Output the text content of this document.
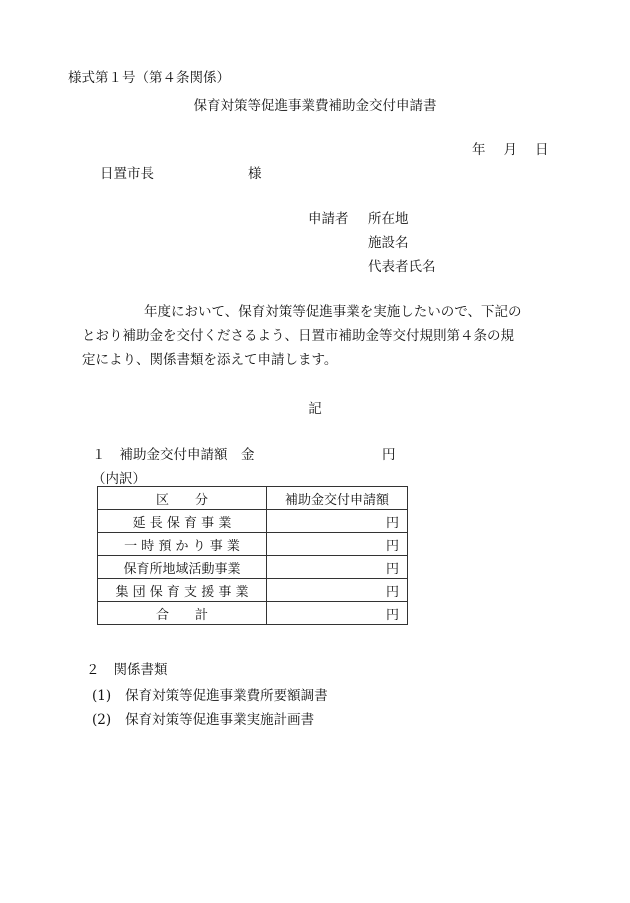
様式第１号（第４条関係）
保育対策等促進事業費補助金交付申請書
年 月 日
日置市長	様
申請者 所在地
施設名
代表者氏名

年度において、保育対策等促進事業を実施したいので、下記の

とおり補助金を交付くださるよう、日置市補助金等交付規則第４条の規

定により、関係書類を添えて申請します。

記
１ 補助金交付申請額　金	円
（内訳）
区　　分	補助金交付申請額
延 長 保 育 事 業	円
一 時 預 か り 事 業	円
保育所地域活動事業	円
集 団 保 育 支 援 事 業	円
合　　計	円
２ 関係書類
(1) 保育対策等促進事業費所要額調書
(2) 保育対策等促進事業実施計画書
